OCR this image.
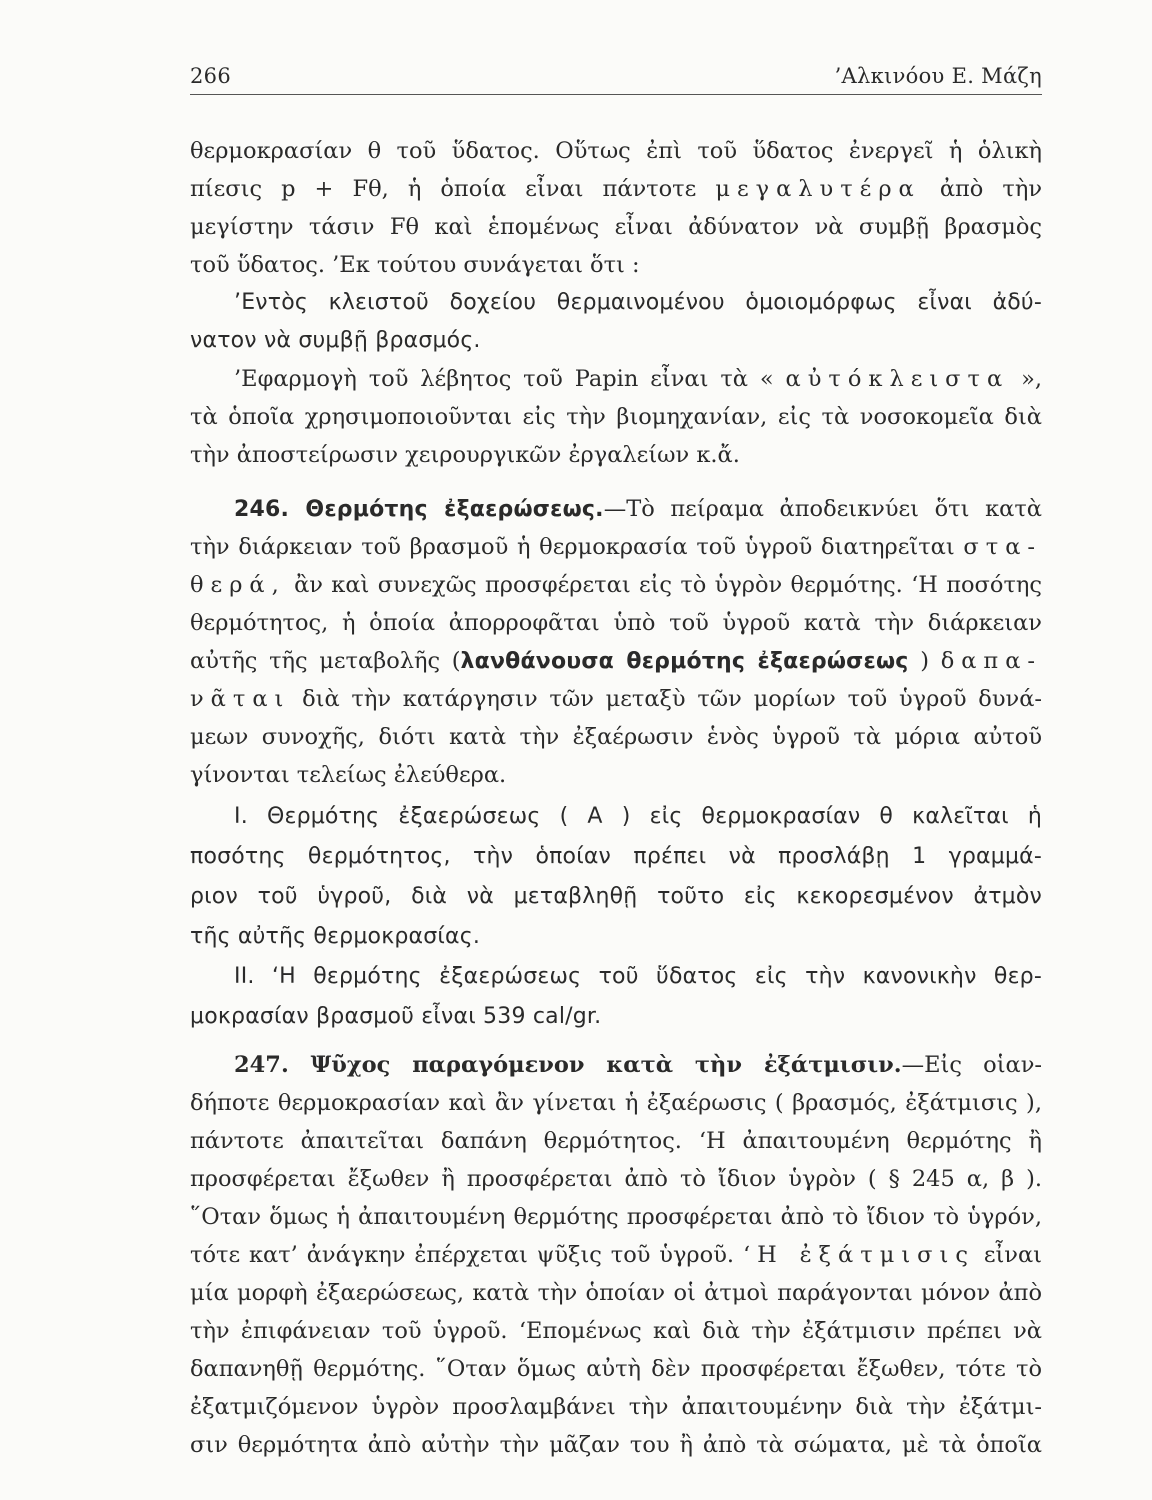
266	’Αλκινόου Ε. Μάζη
θερμοκρασίαν θ τοῦ ὕδατος. Οὕτως ἐπὶ τοῦ ὕδατος ἐνεργεῖ ἡ ὁλικὴ
πίεσις p + Fθ, ἡ ὁποία εἶναι πάντοτε μεγαλυτέρα ἀπὸ τὴν
μεγίστην τάσιν Fθ καὶ ἑπομένως εἶναι ἀδύνατον νὰ συμβῇ βρασμὸς
τοῦ ὕδατος. ’Εκ τούτου συνάγεται ὅτι :
’Εντὸς κλειστοῦ δοχείου θερμαινομένου ὁμοιομόρφως εἶναι ἀδύ-
νατον νὰ συμβῇ βρασμός.
’Εφαρμογὴ τοῦ λέβητος τοῦ Papin εἶναι τὰ « αὐτόκλειστα »,
τὰ ὁποῖα χρησιμοποιοῦνται εἰς τὴν βιομηχανίαν, εἰς τὰ νοσοκομεῖα διὰ
τὴν ἀποστείρωσιν χειρουργικῶν ἐργαλείων κ.ἄ.
246. Θερμότης ἐξαερώσεως.—Τὸ πείραμα ἀποδεικνύει ὅτι κατὰ
τὴν διάρκειαν τοῦ βρασμοῦ ἡ θερμοκρασία τοῦ ὑγροῦ διατηρεῖται στα-
θερά, ἂν καὶ συνεχῶς προσφέρεται εἰς τὸ ὑγρὸν θερμότης. ‘Η ποσότης
θερμότητος, ἡ ὁποία ἀπορροφᾶται ὑπὸ τοῦ ὑγροῦ κατὰ τὴν διάρκειαν
αὐτῆς τῆς μεταβολῆς (λανθάνουσα θερμότης ἐξαερώσεως ) δαπα-
νᾶται διὰ τὴν κατάργησιν τῶν μεταξὺ τῶν μορίων τοῦ ὑγροῦ δυνά-
μεων συνοχῆς, διότι κατὰ τὴν ἐξαέρωσιν ἑνὸς ὑγροῦ τὰ μόρια αὐτοῦ
γίνονται τελείως ἐλεύθερα.
Ι. Θερμότης ἐξαερώσεως ( Α ) εἰς θερμοκρασίαν θ καλεῖται ἡ
ποσότης θερμότητος, τὴν ὁποίαν πρέπει νὰ προσλάβῃ 1 γραμμά-
ριον τοῦ ὑγροῦ, διὰ νὰ μεταβληθῇ τοῦτο εἰς κεκορεσμένον ἀτμὸν
τῆς αὐτῆς θερμοκρασίας.
ΙΙ. ‘Η θερμότης ἐξαερώσεως τοῦ ὕδατος εἰς τὴν κανονικὴν θερ-
μοκρασίαν βρασμοῦ εἶναι 539 cal/gr.
247. Ψῦχος παραγόμενον κατὰ τὴν ἐξάτμισιν.—Εἰς οἱαν-
δήποτε θερμοκρασίαν καὶ ἂν γίνεται ἡ ἐξαέρωσις ( βρασμός, ἐξάτμισις ),
πάντοτε ἀπαιτεῖται δαπάνη θερμότητος. ‘Η ἀπαιτουμένη θερμότης ἢ
προσφέρεται ἔξωθεν ἢ προσφέρεται ἀπὸ τὸ ἴδιον ὑγρὸν ( § 245 α, β ).
῞Οταν ὅμως ἡ ἀπαιτουμένη θερμότης προσφέρεται ἀπὸ τὸ ἴδιον τὸ ὑγρόν,
τότε κατ’ ἀνάγκην ἐπέρχεται ψῦξις τοῦ ὑγροῦ. ‘Η ἐξάτμισις εἶναι
μία μορφὴ ἐξαερώσεως, κατὰ τὴν ὁποίαν οἱ ἀτμοὶ παράγονται μόνον ἀπὸ
τὴν ἐπιφάνειαν τοῦ ὑγροῦ. ‘Επομένως καὶ διὰ τὴν ἐξάτμισιν πρέπει νὰ
δαπανηθῇ θερμότης. ῞Οταν ὅμως αὐτὴ δὲν προσφέρεται ἔξωθεν, τότε τὸ
ἐξατμιζόμενον ὑγρὸν προσλαμβάνει τὴν ἀπαιτουμένην διὰ τὴν ἐξάτμι-
σιν θερμότητα ἀπὸ αὐτὴν τὴν μᾶζαν του ἢ ἀπὸ τὰ σώματα, μὲ τὰ ὁποῖα
